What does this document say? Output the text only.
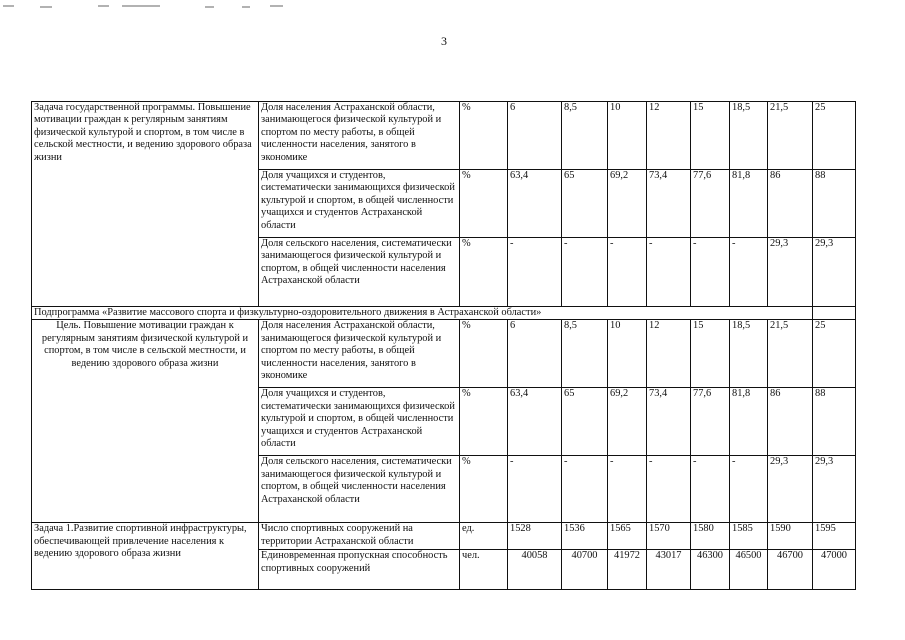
3
Задача государственной программы. Повышение мотивации граждан к регулярным занятиям физической культурой и спортом, в том числе в сельской местности, и ведению здорового образа жизни	Доля населения Астраханской области, занимающегося физической культурой и спортом по месту работы, в общей численности населения, занятого в экономике	%	6	8,5	10	12	15	18,5	21,5	25
	Доля учащихся и студентов, систематически занимающихся физической культурой и спортом, в общей численности учащихся и студентов Астраханской области	%	63,4	65	69,2	73,4	77,6	81,8	86	88
	Доля сельского населения, систематически занимающегося физической культурой и спортом, в общей численности населения Астраханской области	%	-	-	-	-	-	-	29,3	29,3
Подпрограмма «Развитие массового спорта и физкультурно-оздоровительного движения в Астраханской области»										
Цель. Повышение мотивации граждан к регулярным занятиям физической культурой и спортом, в том числе в сельской местности, и ведению здорового образа жизни	Доля населения Астраханской области, занимающегося физической культурой и спортом по месту работы, в общей численности населения, занятого в экономике	%	6	8,5	10	12	15	18,5	21,5	25
	Доля учащихся и студентов, систематически занимающихся физической культурой и спортом, в общей численности учащихся и студентов Астраханской области	%	63,4	65	69,2	73,4	77,6	81,8	86	88
	Доля сельского населения, систематически занимающегося физической культурой и спортом, в общей численности населения Астраханской области	%	-	-	-	-	-	-	29,3	29,3
Задача 1.Развитие спортивной инфраструктуры, обеспечивающей привлечение населения к ведению здорового образа жизни	Число спортивных сооружений на территории Астраханской области	ед.	1528	1536	1565	1570	1580	1585	1590	1595
	Единовременная пропускная способность спортивных сооружений	чел.	40058	40700	41972	43017	46300	46500	46700	47000
